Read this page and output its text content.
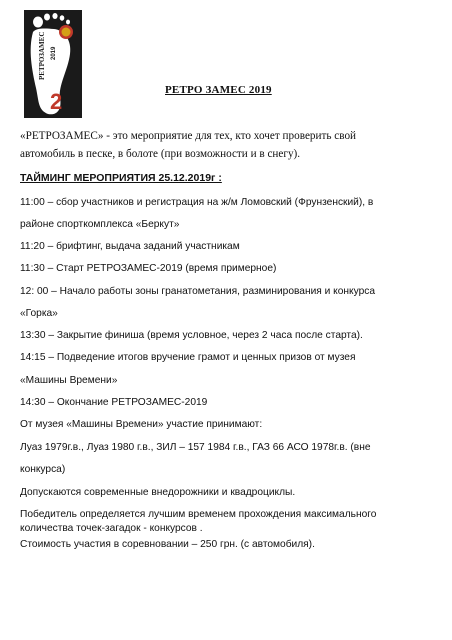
2
РЕТРОЗАМЕС 2019
РЕТРО ЗАМЕС 2019
«РЕТРОЗАМЕС» - это мероприятие для тех, кто хочет проверить свой
автомобиль в песке, в болоте (при возможности и в снегу).
ТАЙМИНГ МЕРОПРИЯТИЯ 25.12.2019г :
11:00 – сбор участников и регистрация на ж/м Ломовский (Фрунзенский), в
районе спорткомплекса «Беркут»
11:20 – брифтинг, выдача заданий участникам
11:30 – Старт РЕТРОЗАМЕС-2019 (время примерное)
12: 00 – Начало работы зоны гранатометания, разминирования и конкурса
«Горка»
13:30 – Закрытие финиша (время условное, через 2 часа после старта).
14:15 – Подведение итогов вручение грамот и ценных призов от музея
«Машины Времени»
14:30 – Окончание РЕТРОЗАМЕС-2019
От музея «Машины Времени» участие принимают:
Луаз 1979г.в., Луаз 1980 г.в., ЗИЛ – 157 1984 г.в., ГАЗ 66 АСО 1978г.в. (вне
конкурса)
Допускаются современные внедорожники и квадроциклы.
Победитель определяется лучшим временем прохождения максимального
количества точек-загадок - конкурсов .
Стоимость участия в соревновании – 250 грн. (с автомобиля).
